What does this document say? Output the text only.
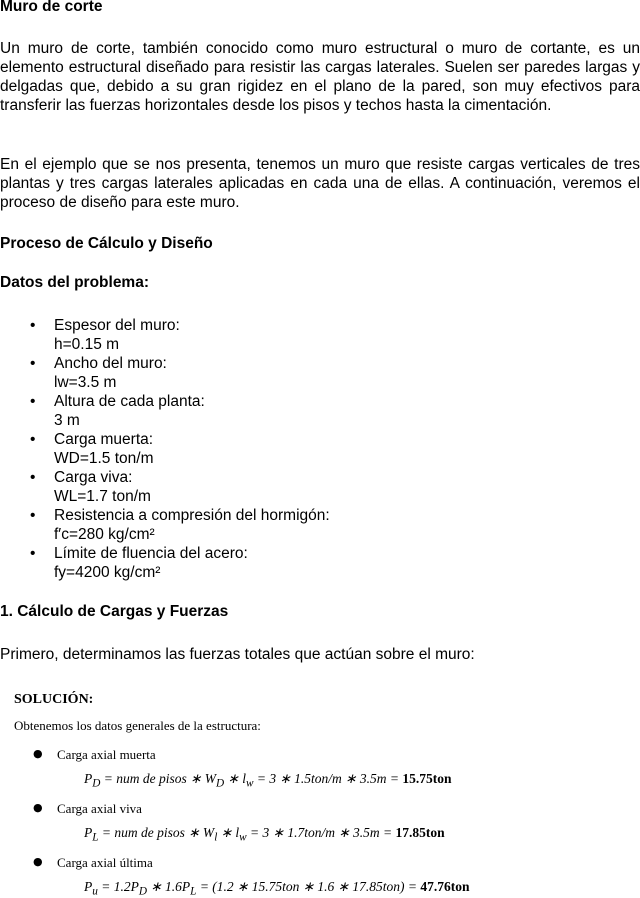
Muro de corte
Un muro de corte, también conocido como muro estructural o muro de cortante, es un elemento estructural diseñado para resistir las cargas laterales. Suelen ser paredes largas y delgadas que, debido a su gran rigidez en el plano de la pared, son muy efectivos para transferir las fuerzas horizontales desde los pisos y techos hasta la cimentación.
En el ejemplo que se nos presenta, tenemos un muro que resiste cargas verticales de tres plantas y tres cargas laterales aplicadas en cada una de ellas. A continuación, veremos el proceso de diseño para este muro.
Proceso de Cálculo y Diseño
Datos del problema:
• Espesor del muro:
h=0.15 m
• Ancho del muro:
lw=3.5 m
• Altura de cada planta:
3 m
• Carga muerta:
WD=1.5 ton/m
• Carga viva:
WL=1.7 ton/m
• Resistencia a compresión del hormigón:
f′c=280 kg/cm²
• Límite de fluencia del acero:
fy=4200 kg/cm²
1. Cálculo de Cargas y Fuerzas
Primero, determinamos las fuerzas totales que actúan sobre el muro:
SOLUCIÓN:
Obtenemos los datos generales de la estructura:
● Carga axial muerta
$P_D$ = num de pisos ∗ $W_D$ ∗ $l_w = 3$ ∗ 1.5ton/m ∗ 3.5m = 15.75ton
● Carga axial viva
$P_L$ = num de pisos ∗ $W_l$ ∗ $l_w = 3$ ∗ 1.7ton/m ∗ 3.5m = 17.85ton
● Carga axial última
$P_u = 1.2P_D$ ∗ $1.6P_L = (1.2$ ∗ 15.75ton ∗ 1.6 ∗ 17.85ton) = 47.76ton
